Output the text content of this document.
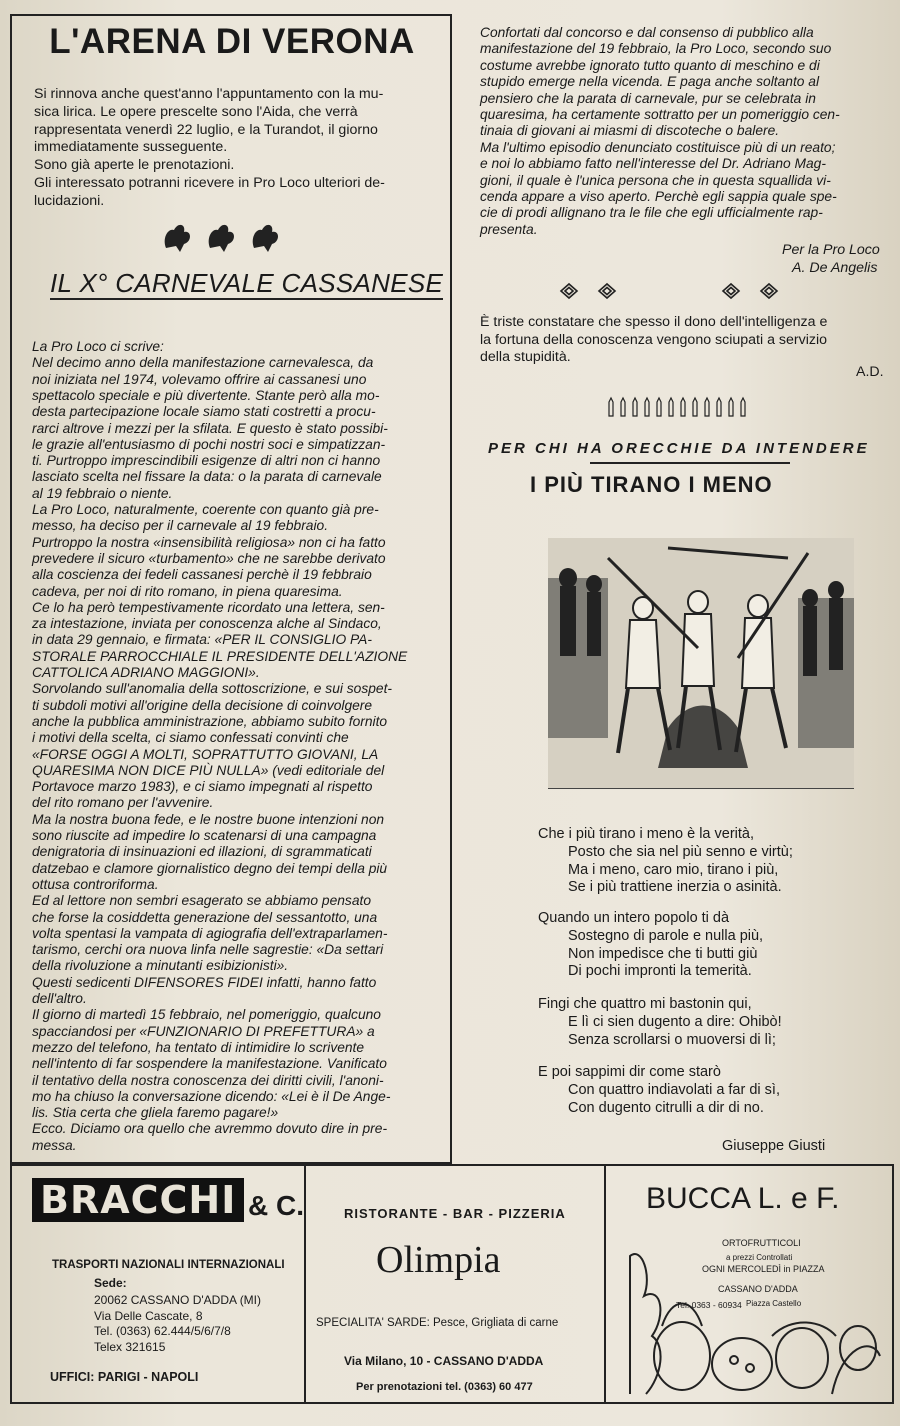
L'ARENA DI VERONA
Si rinnova anche quest'anno l'appuntamento con la mu-
sica lirica. Le opere prescelte sono l'Aida, che verrà
rappresentata venerdì 22 luglio, e la Turandot, il giorno
immediatamente susseguente.
Sono già aperte le prenotazioni.
Gli interessato potranni ricevere in Pro Loco ulteriori de-
lucidazioni.
IL X° CARNEVALE CASSANESE
La Pro Loco ci scrive:
Nel decimo anno della manifestazione carnevalesca, da
noi iniziata nel 1974, volevamo offrire ai cassanesi uno
spettacolo speciale e più divertente. Stante però alla mo-
desta partecipazione locale siamo stati costretti a procu-
rarci altrove i mezzi per la sfilata. E questo è stato possibi-
le grazie all'entusiasmo di pochi nostri soci e simpatizzan-
ti. Purtroppo imprescindibili esigenze di altri non ci hanno
lasciato scelta nel fissare la data: o la parata di carnevale
al 19 febbraio o niente.
La Pro Loco, naturalmente, coerente con quanto già pre-
messo, ha deciso per il carnevale al 19 febbraio.
Purtroppo la nostra «insensibilità religiosa» non ci ha fatto
prevedere il sicuro «turbamento» che ne sarebbe derivato
alla coscienza dei fedeli cassanesi perchè il 19 febbraio
cadeva, per noi di rito romano, in piena quaresima.
Ce lo ha però tempestivamente ricordato una lettera, sen-
za intestazione, inviata per conoscenza alche al Sindaco,
in data 29 gennaio, e firmata: «PER IL CONSIGLIO PA-
STORALE PARROCCHIALE IL PRESIDENTE DELL'AZIONE
CATTOLICA ADRIANO MAGGIONI».
Sorvolando sull'anomalia della sottoscrizione, e sui sospet-
ti subdoli motivi all'origine della decisione di coinvolgere
anche la pubblica amministrazione, abbiamo subito fornito
i motivi della scelta, ci siamo confessati convinti che
«FORSE OGGI A MOLTI, SOPRATTUTTO GIOVANI, LA
QUARESIMA NON DICE PIÙ NULLA» (vedi editoriale del
Portavoce marzo 1983), e ci siamo impegnati al rispetto
del rito romano per l'avvenire.
Ma la nostra buona fede, e le nostre buone intenzioni non
sono riuscite ad impedire lo scatenarsi di una campagna
denigratoria di insinuazioni ed illazioni, di sgrammaticati
datzebao e clamore giornalistico degno dei tempi della più
ottusa controriforma.
Ed al lettore non sembri esagerato se abbiamo pensato
che forse la cosiddetta generazione del sessantotto, una
volta spentasi la vampata di agiografia dell'extraparlamen-
tarismo, cerchi ora nuova linfa nelle sagrestie: «Da settari
della rivoluzione a minutanti esibizionisti».
Questi sedicenti DIFENSORES FIDEI infatti, hanno fatto
dell'altro.
Il giorno di martedì 15 febbraio, nel pomeriggio, qualcuno
spacciandosi per «FUNZIONARIO DI PREFETTURA» a
mezzo del telefono, ha tentato di intimidire lo scrivente
nell'intento di far sospendere la manifestazione. Vanificato
il tentativo della nostra conoscenza dei diritti civili, l'anoni-
mo ha chiuso la conversazione dicendo: «Lei è il De Ange-
lis. Stia certa che gliela faremo pagare!»
Ecco. Diciamo ora quello che avremmo dovuto dire in pre-
messa.
Confortati dal concorso e dal consenso di pubblico alla
manifestazione del 19 febbraio, la Pro Loco, secondo suo
costume avrebbe ignorato tutto quanto di meschino e di
stupido emerge nella vicenda. E paga anche soltanto al
pensiero che la parata di carnevale, pur se celebrata in
quaresima, ha certamente sottratto per un pomeriggio cen-
tinaia di giovani ai miasmi di discoteche o balere.
Ma l'ultimo episodio denunciato costituisce più di un reato;
e noi lo abbiamo fatto nell'interesse del Dr. Adriano Mag-
gioni, il quale è l'unica persona che in questa squallida vi-
cenda appare a viso aperto. Perchè egli sappia quale spe-
cie di prodi allignano tra le file che egli ufficialmente rap-
presenta.
Per la Pro Loco
A. De Angelis
È triste constatare che spesso il dono dell'intelligenza e
la fortuna della conoscenza vengono sciupati a servizio
della stupidità.
A.D.
PER CHI HA ORECCHIE DA INTENDERE
I PIÙ TIRANO I MENO
Che i più tirano i meno è la verità,
Posto che sia nel più senno e virtù;
Ma i meno, caro mio, tirano i più,
Se i più trattiene inerzia o asinità.
Quando un intero popolo ti dà
Sostegno di parole e nulla più,
Non impedisce che ti butti giù
Di pochi impronti la temerità.
Fingi che quattro mi bastonin qui,
E lì ci sien dugento a dire: Ohibò!
Senza scrollarsi o muoversi di lì;
E poi sappimi dir come starò
Con quattro indiavolati a far di sì,
Con dugento citrulli a dir di no.
Giuseppe Giusti
BRACCHI & C.
TRASPORTI NAZIONALI INTERNAZIONALI
Sede:
20062 CASSANO D'ADDA (MI)
Via Delle Cascate, 8
Tel. (0363) 62.444/5/6/7/8
Telex 321615
UFFICI: PARIGI - NAPOLI
RISTORANTE - BAR - PIZZERIA
Olimpia
SPECIALITA' SARDE: Pesce, Grigliata di carne
Via Milano, 10 - CASSANO D'ADDA
Per prenotazioni tel. (0363) 60 477
BUCCA L. e F.
ORTOFRUTTICOLI
a prezzi Controllati
OGNI MERCOLEDÌ in PIAZZA
CASSANO D'ADDA
Piazza Castello
Tel. 0363 - 60934
